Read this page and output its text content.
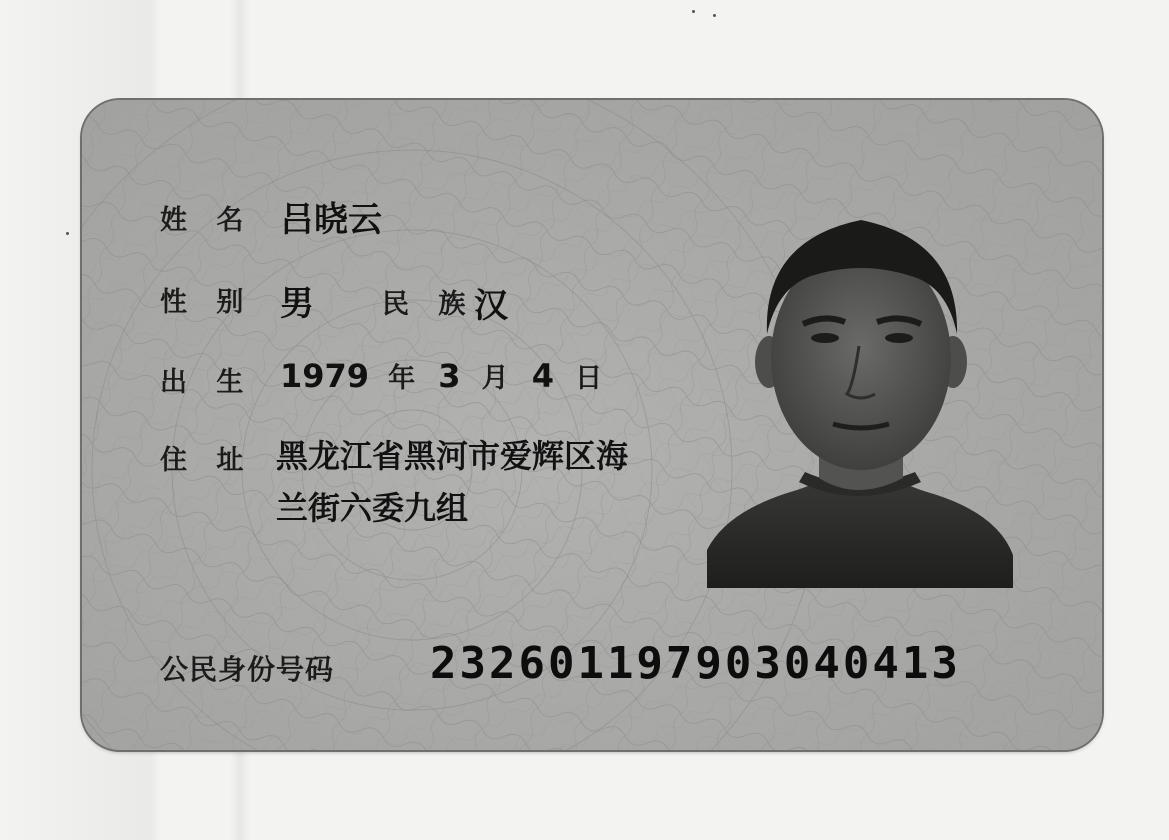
姓 名 吕晓云
性 别 男	民 族
汉
出 生 1979 年 3 月 4 日
住 址 黑龙江省黑河市爱辉区海
兰街六委九组
公民身份号码 232601197903040413
